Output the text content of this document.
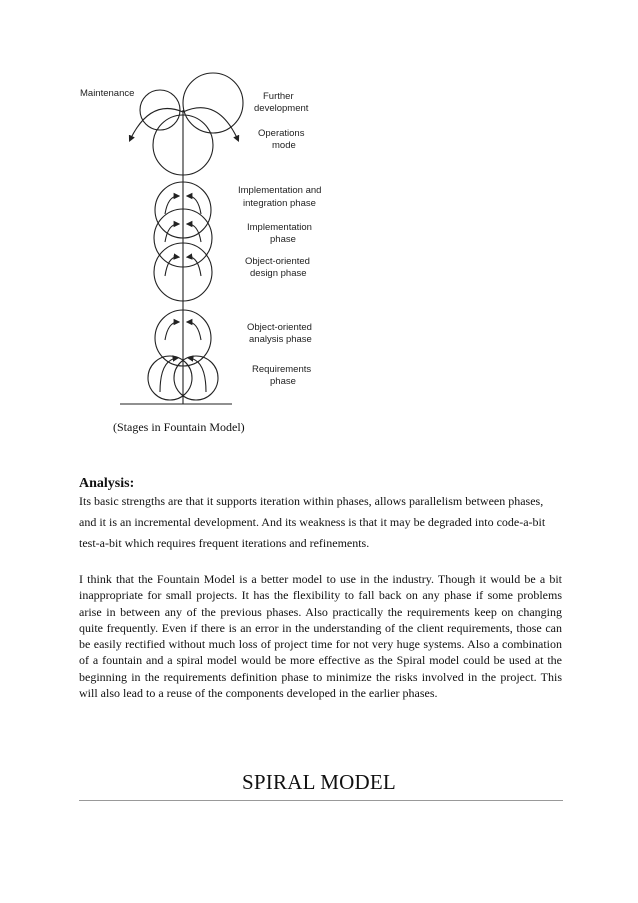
Maintenance	Further
development
Operations
mode
Implementation and
integration phase
Implementation
phase
Object-oriented
design phase
Object-oriented
analysis phase
Requirements
phase
(Stages in Fountain Model)
Analysis:
Its basic strengths are that it supports iteration within phases, allows parallelism between phases, and it is an incremental development. And its weakness is that it may be degraded into code-a-bit test-a-bit which requires frequent iterations and refinements.
I think that the Fountain Model is a better model to use in the industry. Though it would be a bit inappropriate for small projects. It has the flexibility to fall back on any phase if some problems arise in between any of the previous phases. Also practically the requirements keep on changing quite frequently. Even if there is an error in the understanding of the client requirements, those can be easily rectified without much loss of project time for not very huge systems. Also a combination of a fountain and a spiral model would be more effective as the Spiral model could be used at the beginning in the requirements definition phase to minimize the risks involved in the project. This will also lead to a reuse of the components developed in the earlier phases.
SPIRAL MODEL
